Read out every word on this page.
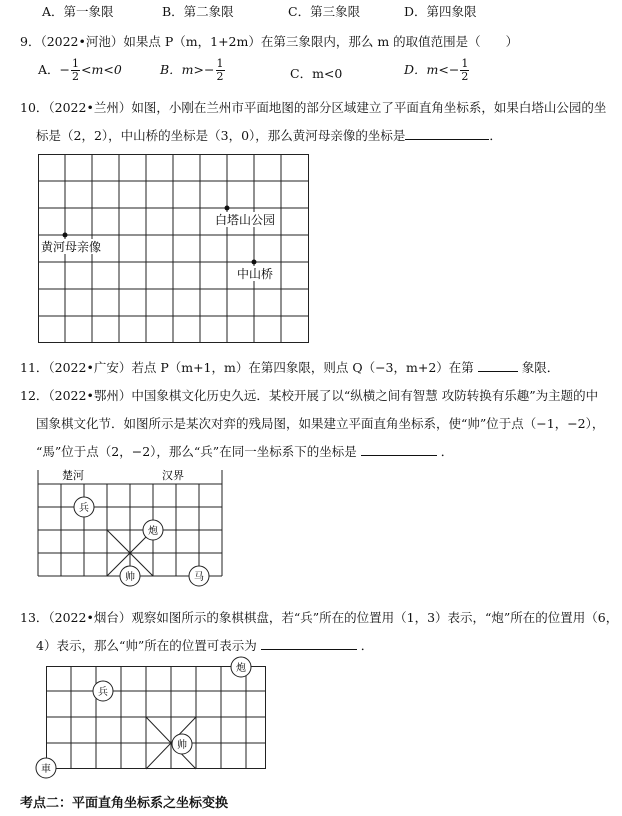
A．第一象限	B．第二象限	C．第三象限	D．第四象限
9．（2022•河池）如果点 P（m，1+2m）在第三象限内，那么 m 的取值范围是（　　）
A．− $\frac{1}{2} <m<0$	B．$m>- \frac{1}{2}$	C．m<0	D．$m<- \frac{1}{2}$
10．（2022•兰州）如图，小刚在兰州市平面地图的部分区域建立了平面直角坐标系，如果白塔山公园的坐
标是（2，2），中山桥的坐标是（3，0），那么黄河母亲像的坐标是	．
白塔山公园
黄河母亲像
中山桥
11．（2022•广安）若点 P（m+1，m）在第四象限，则点 Q（−3，m+2）在第	象限．
12．（2022•鄂州）中国象棋文化历史久远．某校开展了以“纵横之间有智慧 攻防转换有乐趣”为主题的中
国象棋文化节．如图所示是某次对弈的残局图，如果建立平面直角坐标系，使“帅”位于点（−1，−2），
“馬”位于点（2，−2），那么“兵”在同一坐标系下的坐标是	．
楚河	汉界
兵
炮
帅	马
13．（2022•烟台）观察如图所示的象棋棋盘，若“兵”所在的位置用（1，3）表示，“炮”所在的位置用（6，
4）表示，那么“帅”所在的位置可表示为	．
炮
兵
帅
車
考点二：平面直角坐标系之坐标变换
